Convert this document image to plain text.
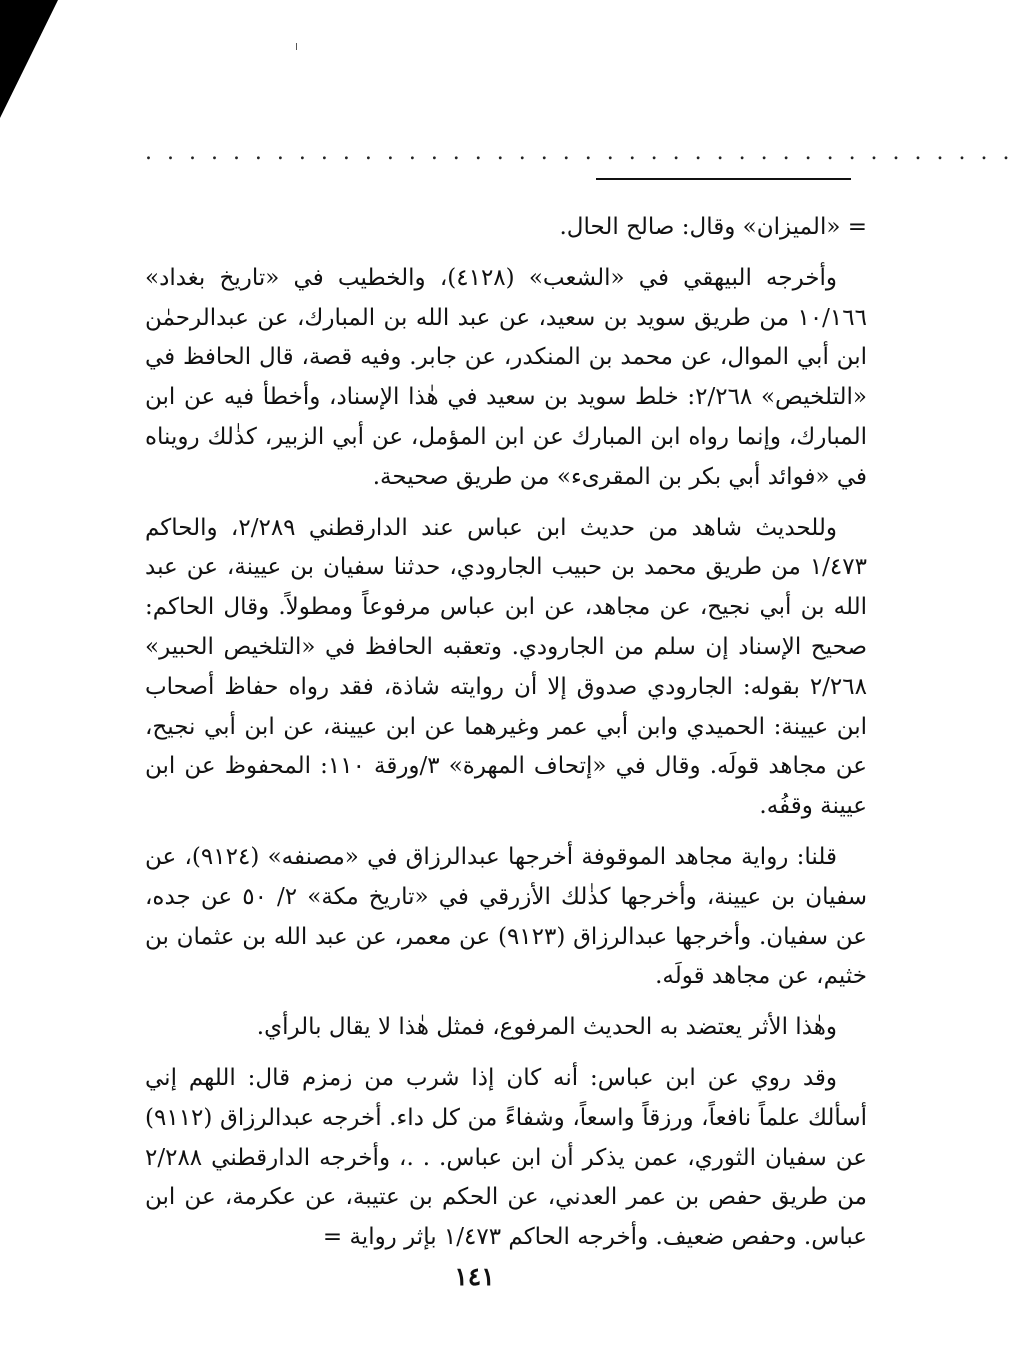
. . . . . . . . . . . . . . . . . . . . . . . . . . . . . . . . . . . . . . . .

= «الميزان» وقال: صالح الحال.

وأخرجه البيهقي في «الشعب» (٤١٢٨)، والخطيب في «تاريخ بغداد» ١٠/١٦٦ من طريق سويد بن سعيد، عن عبد الله بن المبارك، عن عبدالرحمٰن ابن أبي الموال، عن محمد بن المنكدر، عن جابر. وفيه قصة، قال الحافظ في «التلخيص» ٢/٢٦٨: خلط سويد بن سعيد في هٰذا الإسناد، وأخطأ فيه عن ابن المبارك، وإنما رواه ابن المبارك عن ابن المؤمل، عن أبي الزبير، كذٰلك رويناه في «فوائد أبي بكر بن المقرىء» من طريق صحيحة.

وللحديث شاهد من حديث ابن عباس عند الدارقطني ٢/٢٨٩، والحاكم ١/٤٧٣ من طريق محمد بن حبيب الجارودي، حدثنا سفيان بن عيينة، عن عبد الله بن أبي نجيح، عن مجاهد، عن ابن عباس مرفوعاً ومطولاً. وقال الحاكم: صحيح الإسناد إن سلم من الجارودي. وتعقبه الحافظ في «التلخيص الحبير» ٢/٢٦٨ بقوله: الجارودي صدوق إلا أن روايته شاذة، فقد رواه حفاظ أصحاب ابن عيينة: الحميدي وابن أبي عمر وغيرهما عن ابن عيينة، عن ابن أبي نجيح، عن مجاهد قولَه. وقال في «إتحاف المهرة» ٣/ورقة ١١٠: المحفوظ عن ابن عيينة وقفُه.

قلنا: رواية مجاهد الموقوفة أخرجها عبدالرزاق في «مصنفه» (٩١٢٤)، عن سفيان بن عيينة، وأخرجها كذٰلك الأزرقي في «تاريخ مكة» ٢/ ٥٠ عن جده، عن سفيان. وأخرجها عبدالرزاق (٩١٢٣) عن معمر، عن عبد الله بن عثمان بن خثيم، عن مجاهد قولَه.

وهٰذا الأثر يعتضد به الحديث المرفوع، فمثل هٰذا لا يقال بالرأي.

وقد روي عن ابن عباس: أنه كان إذا شرب من زمزم قال: اللهم إني أسألك علماً نافعاً، ورزقاً واسعاً، وشفاءً من كل داء. أخرجه عبدالرزاق (٩١١٢) عن سفيان الثوري، عمن يذكر أن ابن عباس. . .، وأخرجه الدارقطني ٢/٢٨٨ من طريق حفص بن عمر العدني، عن الحكم بن عتيبة، عن عكرمة، عن ابن عباس. وحفص ضعيف. وأخرجه الحاكم ١/٤٧٣ بإثر رواية =

١٤١
